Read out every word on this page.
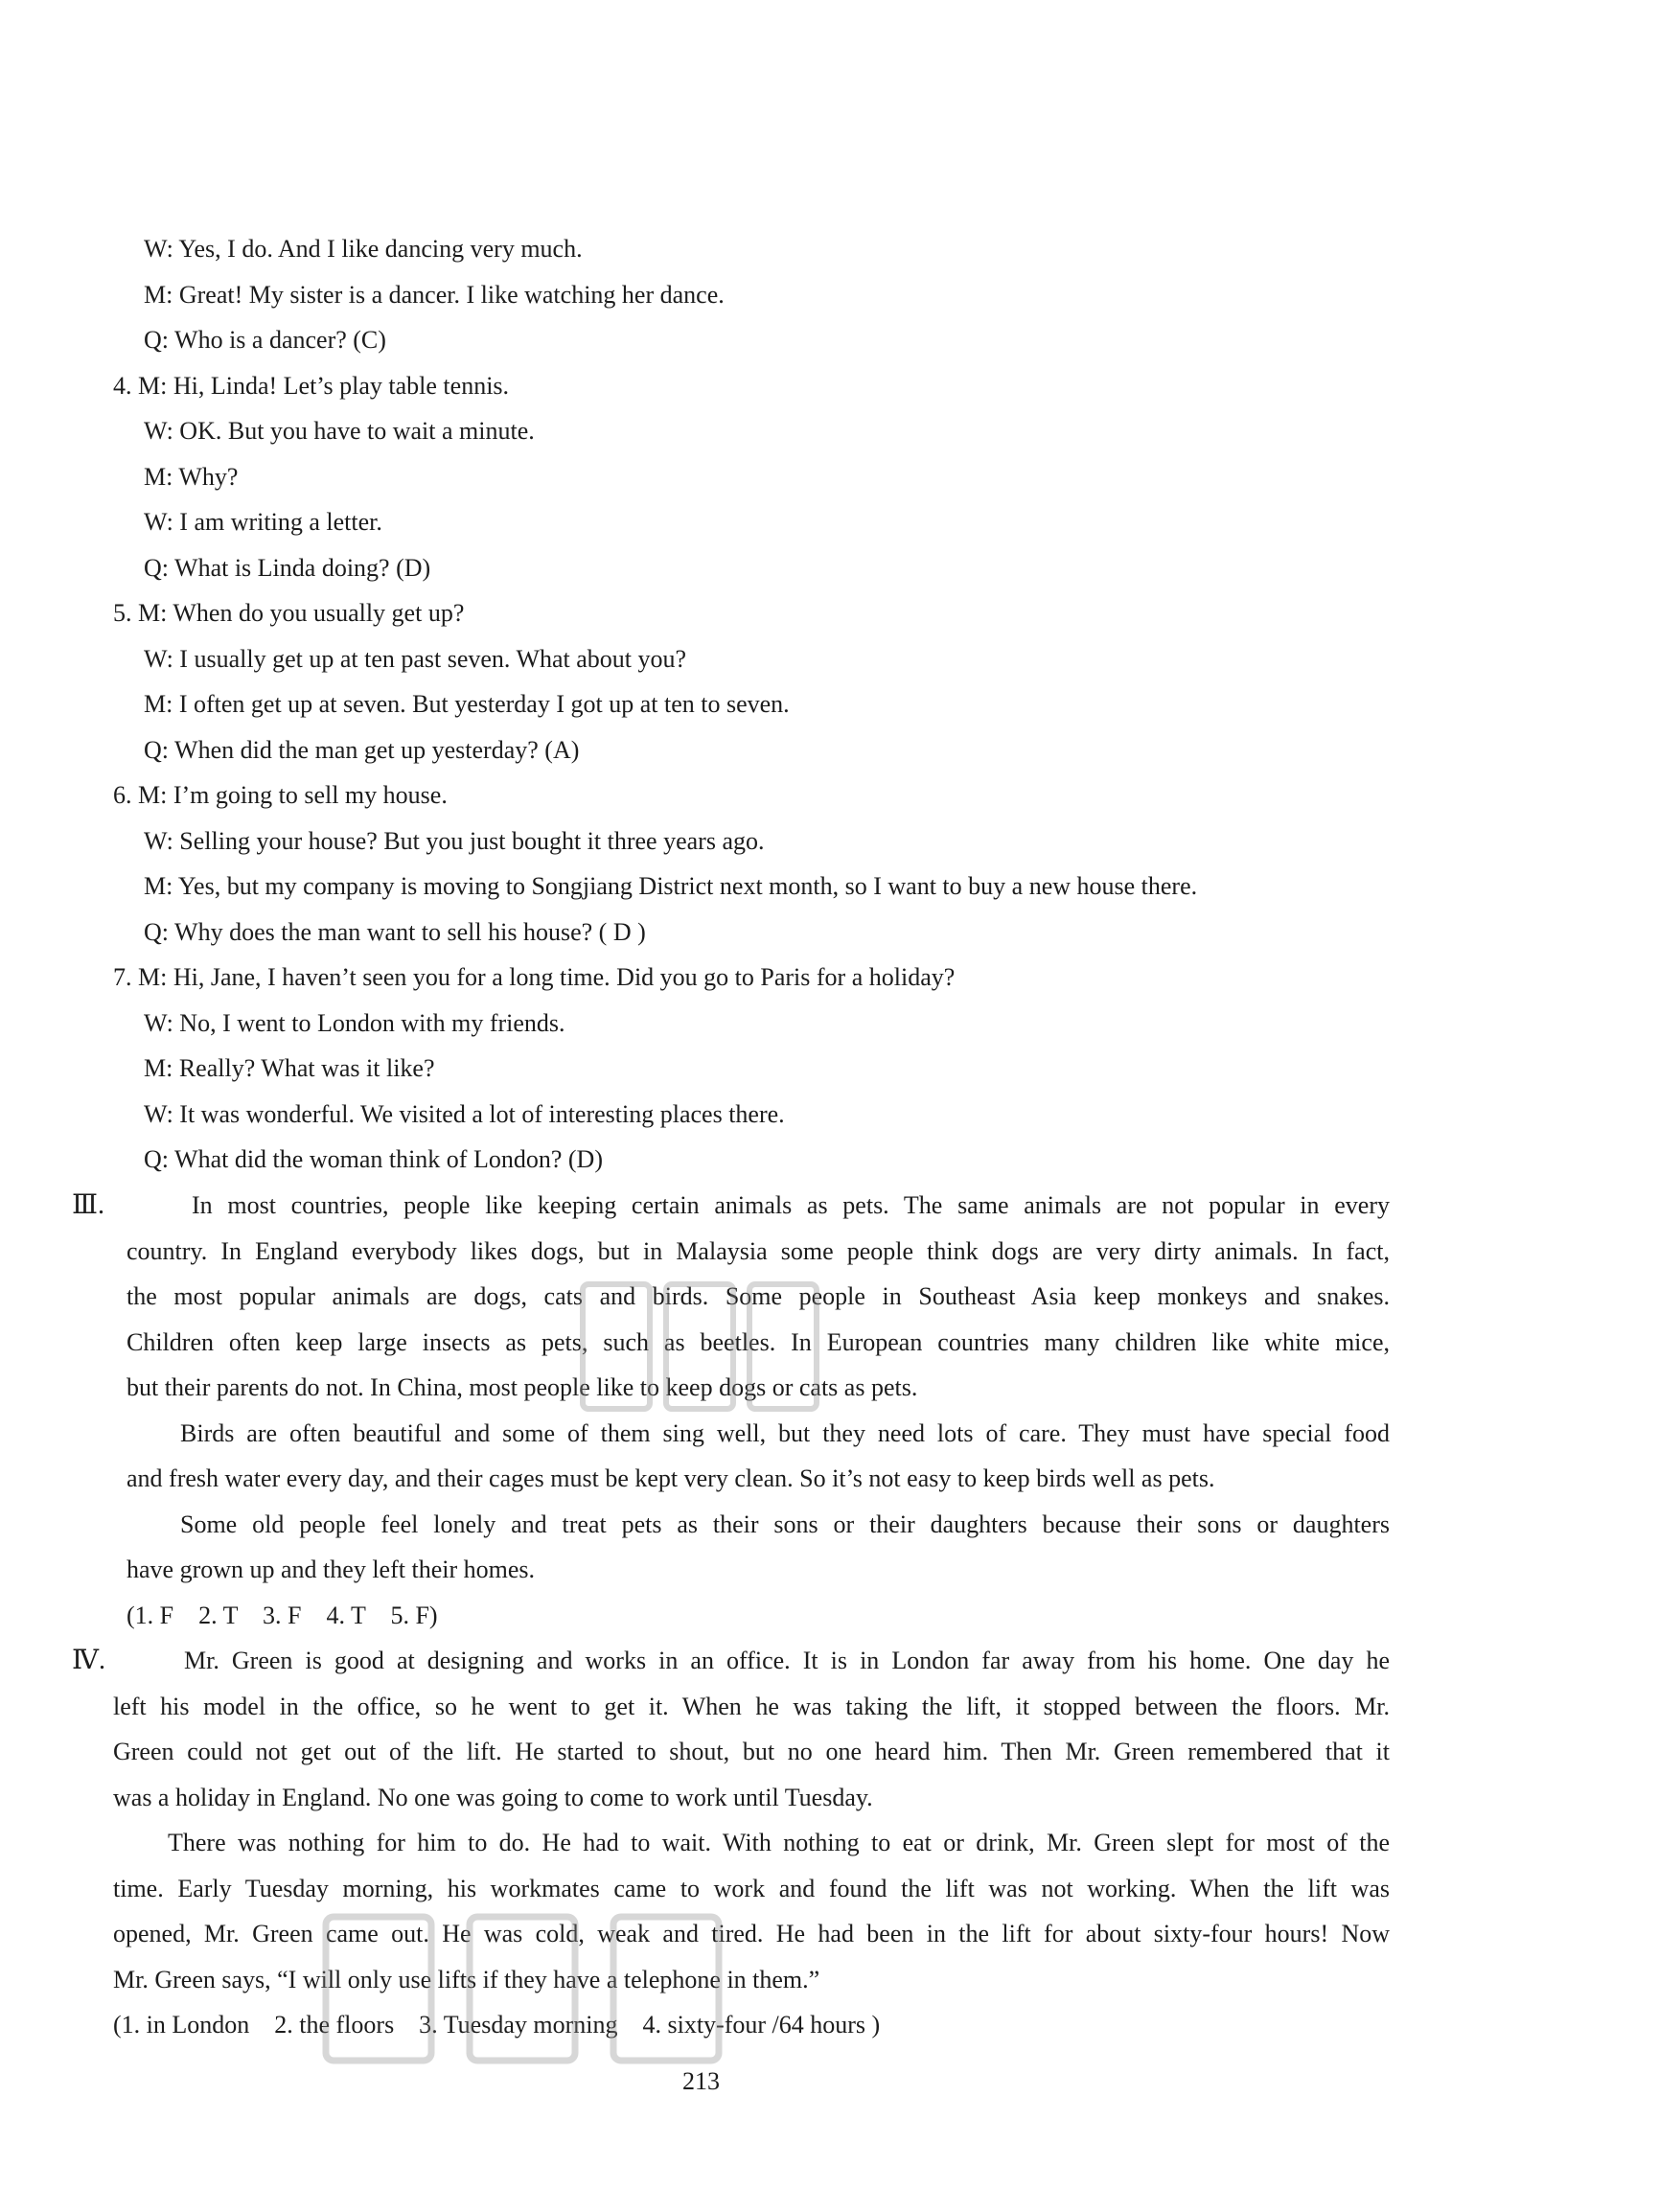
W: Yes, I do. And I like dancing very much.
M: Great! My sister is a dancer. I like watching her dance.
Q: Who is a dancer? (C)
4. M: Hi, Linda! Let’s play table tennis.
W: OK. But you have to wait a minute.
M: Why?
W: I am writing a letter.
Q: What is Linda doing? (D)
5. M: When do you usually get up?
W: I usually get up at ten past seven. What about you?
M: I often get up at seven. But yesterday I got up at ten to seven.
Q: When did the man get up yesterday? (A)
6. M: I’m going to sell my house.
W: Selling your house? But you just bought it three years ago.
M: Yes, but my company is moving to Songjiang District next month, so I want to buy a new house there.
Q: Why does the man want to sell his house? ( D )
7. M: Hi, Jane, I haven’t seen you for a long time. Did you go to Paris for a holiday?
W: No, I went to London with my friends.
M: Really? What was it like?
W: It was wonderful. We visited a lot of interesting places there.
Q: What did the woman think of London? (D)
Ⅲ.	In most countries, people like keeping certain animals as pets. The same animals are not popular in every
country. In England everybody likes dogs, but in Malaysia some people think dogs are very dirty animals. In fact,
the most popular animals are dogs, cats and birds. Some people in Southeast Asia keep monkeys and snakes.
Children often keep large insects as pets, such as beetles. In European countries many children like white mice,
but their parents do not. In China, most people like to keep dogs or cats as pets.
Birds are often beautiful and some of them sing well, but they need lots of care. They must have special food
and fresh water every day, and their cages must be kept very clean. So it’s not easy to keep birds well as pets.
Some old people feel lonely and treat pets as their sons or their daughters because their sons or daughters
have grown up and they left their homes.
(1. F    2. T    3. F    4. T    5. F)
Ⅳ.	Mr. Green is good at designing and works in an office. It is in London far away from his home. One day he
left his model in the office, so he went to get it. When he was taking the lift, it stopped between the floors. Mr.
Green could not get out of the lift. He started to shout, but no one heard him. Then Mr. Green remembered that it
was a holiday in England. No one was going to come to work until Tuesday.
There was nothing for him to do. He had to wait. With nothing to eat or drink, Mr. Green slept for most of the
time. Early Tuesday morning, his workmates came to work and found the lift was not working. When the lift was
opened, Mr. Green came out. He was cold, weak and tired. He had been in the lift for about sixty-four hours! Now
Mr. Green says, “I will only use lifts if they have a telephone in them.”
(1. in London    2. the floors    3. Tuesday morning    4. sixty-four /64 hours )
213
